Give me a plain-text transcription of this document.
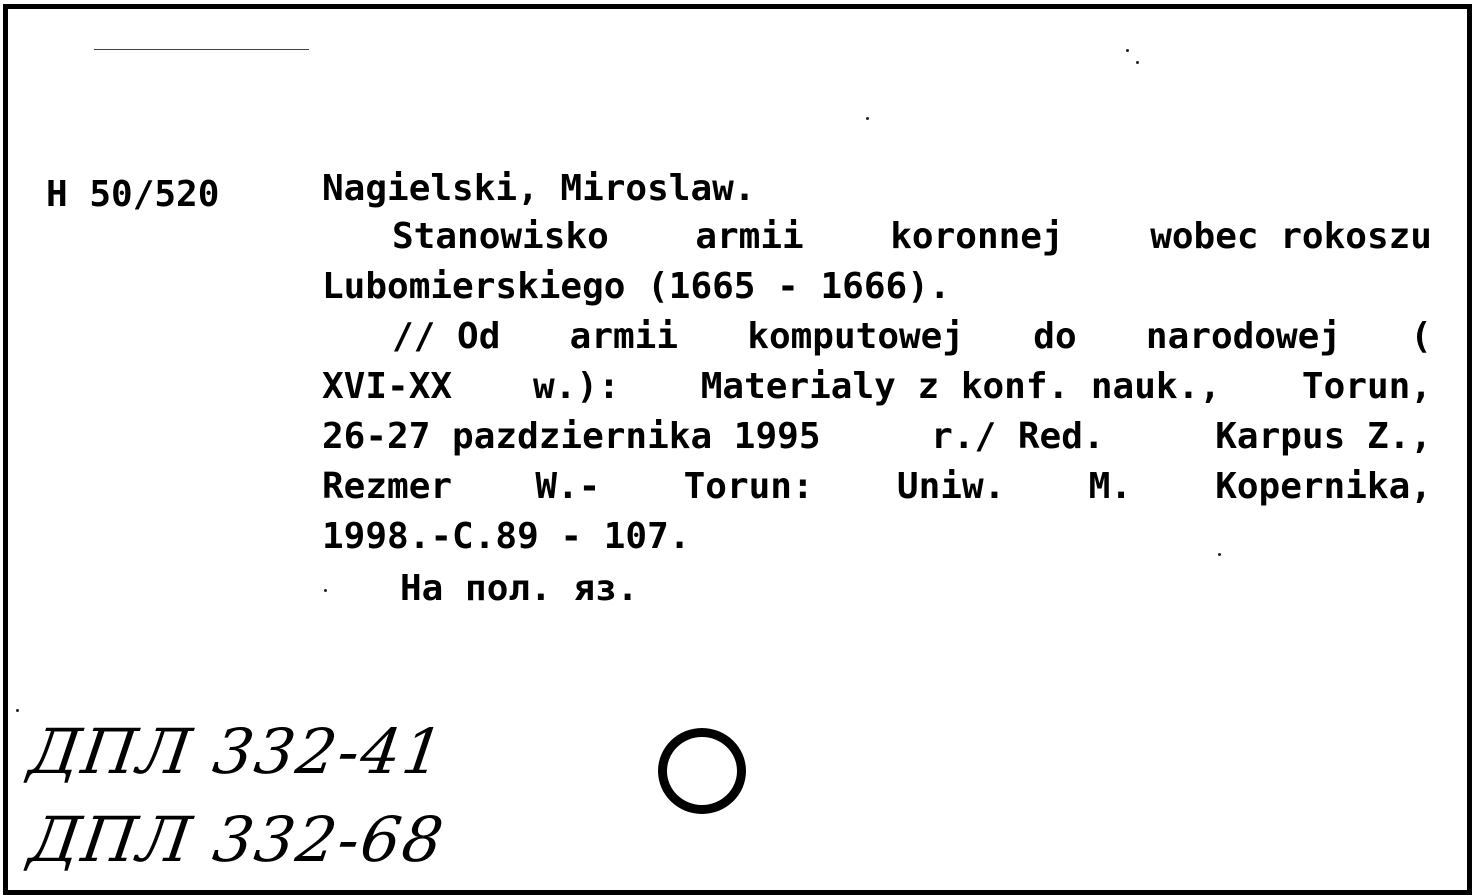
H 50/520	Nagielski, Miroslaw.
Stanowisko armii koronnej wobec rokoszu
Lubomierskiego (1665 - 1666).
// Od armii komputowej do narodowej (
XVI-XX w.): Materialy z konf. nauk., Torun,
26-27 pazdziernika 1995	r./ Red.	Karpus Z.,
Rezmer W.- Torun: Uniw. M. Kopernika,
1998.-C.89 - 107.
На пол. яз.
ДПЛ 332-41
ДПЛ 332-68
